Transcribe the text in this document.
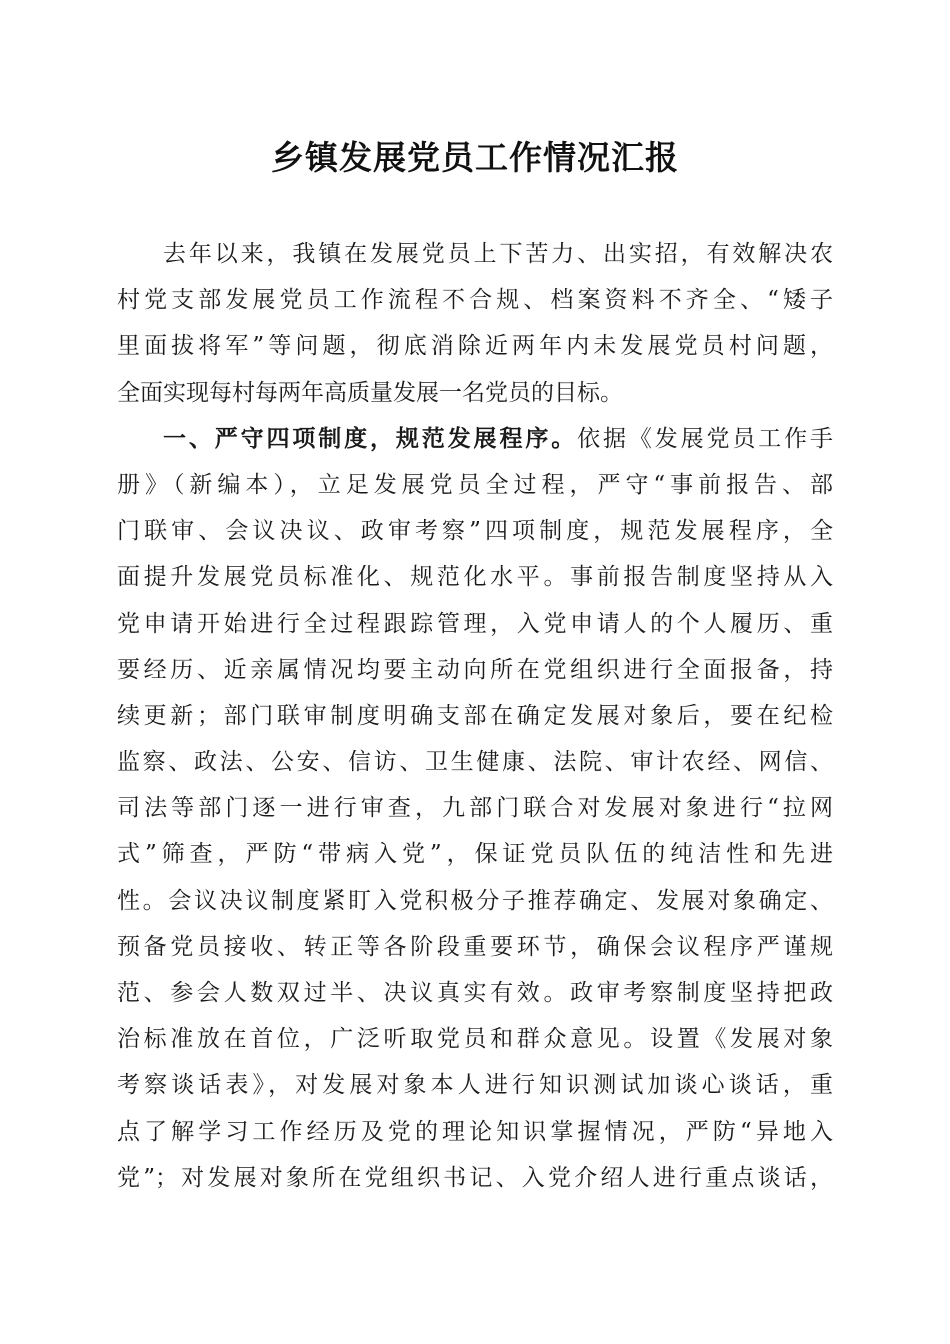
乡镇发展党员工作情况汇报
去年以来，我镇在发展党员上下苦力、出实招，有效解决农
村党支部发展党员工作流程不合规、档案资料不齐全、“矮子
里面拔将军”等问题，彻底消除近两年内未发展党员村问题，
全面实现每村每两年高质量发展一名党员的目标。
一、严守四项制度，规范发展程序。依据《发展党员工作手
册》（新编本），立足发展党员全过程，严守“事前报告、部
门联审、会议决议、政审考察”四项制度，规范发展程序，全
面提升发展党员标准化、规范化水平。事前报告制度坚持从入
党申请开始进行全过程跟踪管理，入党申请人的个人履历、重
要经历、近亲属情况均要主动向所在党组织进行全面报备，持
续更新；部门联审制度明确支部在确定发展对象后，要在纪检
监察、政法、公安、信访、卫生健康、法院、审计农经、网信、
司法等部门逐一进行审查，九部门联合对发展对象进行“拉网
式”筛查，严防“带病入党”，保证党员队伍的纯洁性和先进
性。会议决议制度紧盯入党积极分子推荐确定、发展对象确定、
预备党员接收、转正等各阶段重要环节，确保会议程序严谨规
范、参会人数双过半、决议真实有效。政审考察制度坚持把政
治标准放在首位，广泛听取党员和群众意见。设置《发展对象
考察谈话表》，对发展对象本人进行知识测试加谈心谈话，重
点了解学习工作经历及党的理论知识掌握情况，严防“异地入
党”；对发展对象所在党组织书记、入党介绍人进行重点谈话，
